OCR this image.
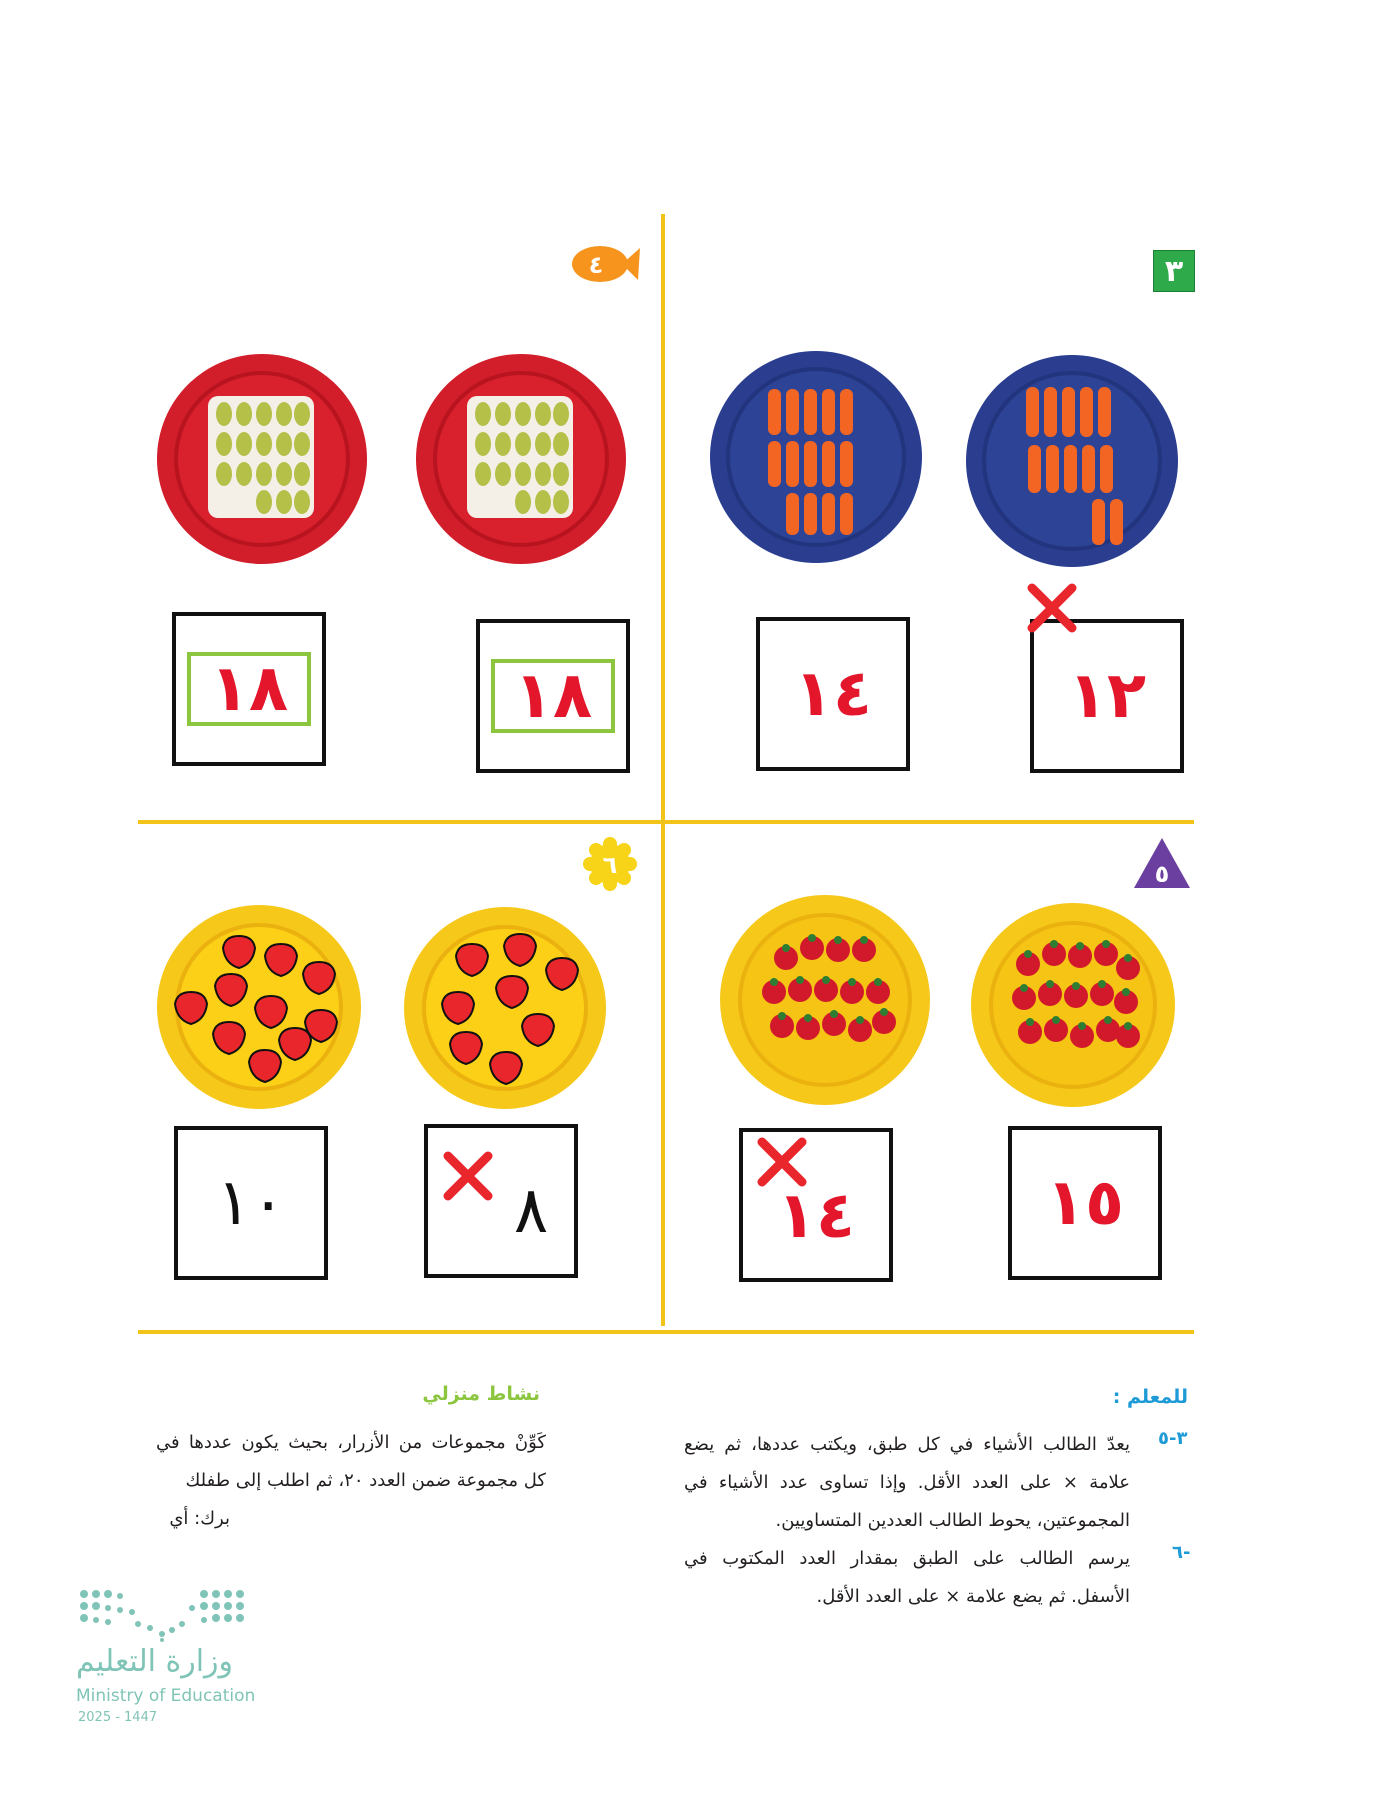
٣
٤
٥
٦
١٢
١٤
١٨
١٨
١٥
١٤
٨
١٠
للمعلم :
٣-٥
يعدّ الطالب الأشياء في كل طبق، ويكتب عددها، ثم يضع علامة × على العدد الأقل. وإذا تساوى عدد الأشياء في المجموعتين، يحوط الطالب العددين المتساويين.
٦-
يرسم الطالب على الطبق بمقدار العدد المكتوب في الأسفل. ثم يضع علامة × على العدد الأقل.
نشاط منزلي
كَوِّنْ مجموعات من الأزرار، بحيث يكون عددها في كل مجموعة ضمن العدد ٢٠، ثم اطلب إلى طفلك
برك: أي
وزارة التعليم
Ministry of Education
2025 - 1447
